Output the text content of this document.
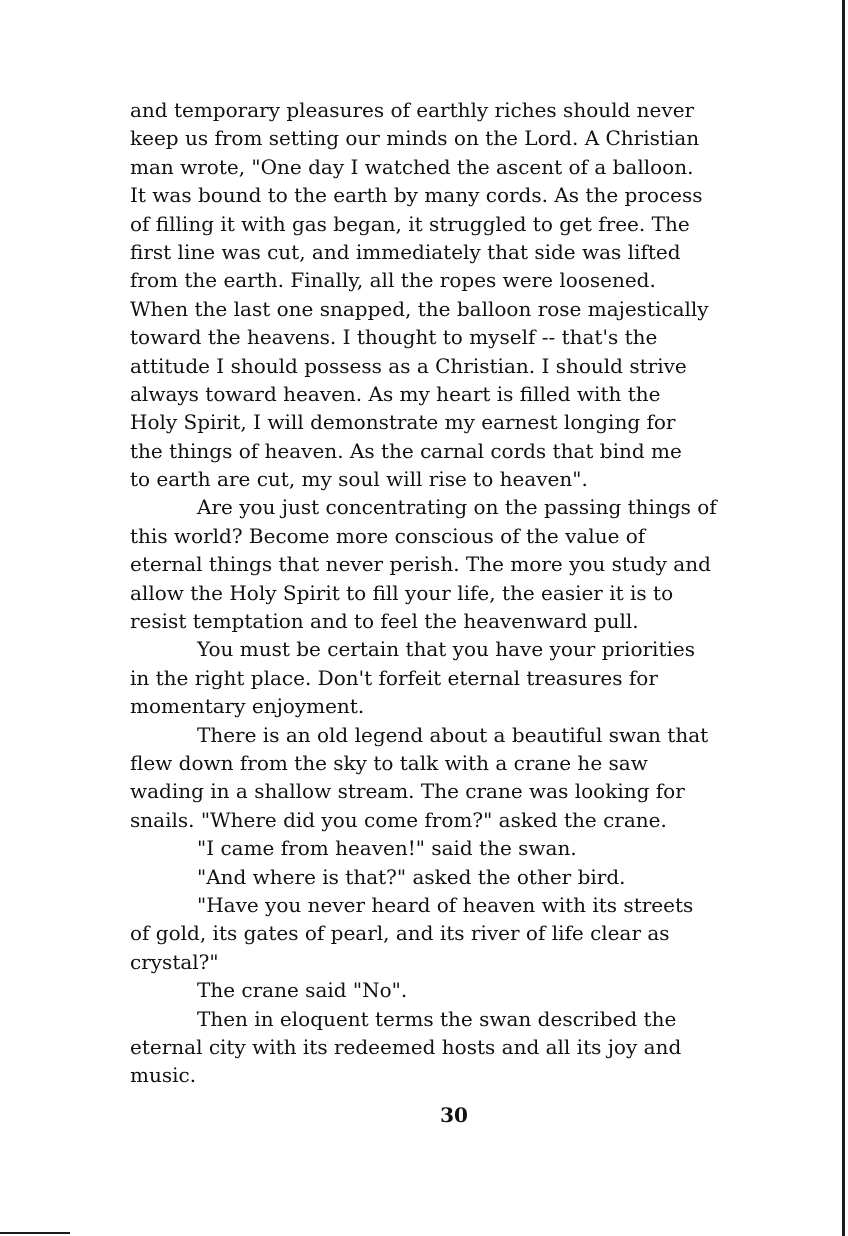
and temporary pleasures of earthly riches should never
keep us from setting our minds on the Lord. A Christian
man wrote, "One day I watched the ascent of a balloon.
It was bound to the earth by many cords. As the process
of filling it with gas began, it struggled to get free. The
first line was cut, and immediately that side was lifted
from the earth. Finally, all the ropes were loosened.
When the last one snapped, the balloon rose majestically
toward the heavens. I thought to myself -- that's the
attitude I should possess as a Christian. I should strive
always toward heaven. As my heart is filled with the
Holy Spirit, I will demonstrate my earnest longing for
the things of heaven. As the carnal cords that bind me
to earth are cut, my soul will rise to heaven".
Are you just concentrating on the passing things of
this world? Become more conscious of the value of
eternal things that never perish. The more you study and
allow the Holy Spirit to fill your life, the easier it is to
resist temptation and to feel the heavenward pull.
You must be certain that you have your priorities
in the right place. Don't forfeit eternal treasures for
momentary enjoyment.
There is an old legend about a beautiful swan that
flew down from the sky to talk with a crane he saw
wading in a shallow stream. The crane was looking for
snails. "Where did you come from?" asked the crane.
"I came from heaven!" said the swan.
"And where is that?" asked the other bird.
"Have you never heard of heaven with its streets
of gold, its gates of pearl, and its river of life clear as
crystal?"
The crane said "No".
Then in eloquent terms the swan described the
eternal city with its redeemed hosts and all its joy and
music.
30
